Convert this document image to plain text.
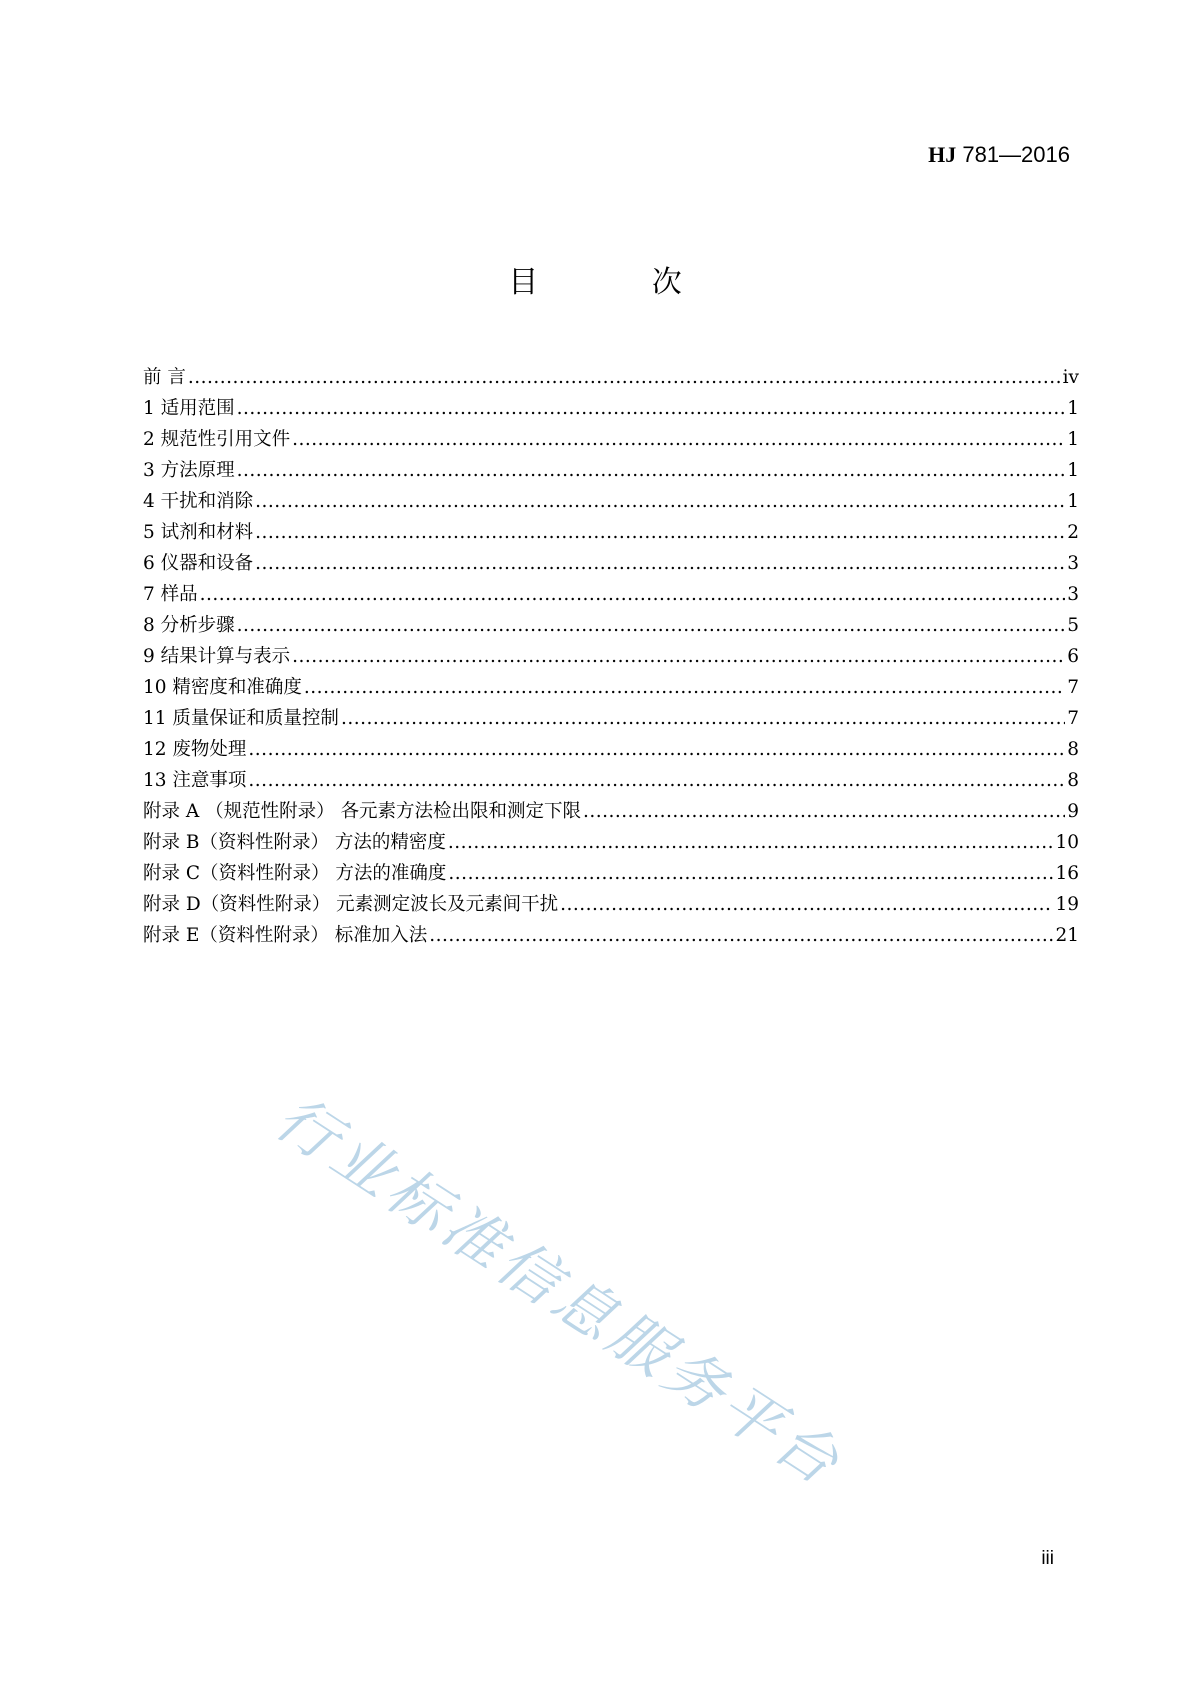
HJ 781—2016
目 次
前 言 .....	iv
1 适用范围 .....	1
2 规范性引用文件 .....	1
3 方法原理 .....	1
4 干扰和消除 .....	1
5 试剂和材料 .....	2
6 仪器和设备 .....	3
7 样品 .....	3
8 分析步骤 .....	5
9 结果计算与表示 .....	6
10 精密度和准确度 .....	7
11 质量保证和质量控制 .....	7
12 废物处理 .....	8
13 注意事项 .....	8
附录 A （规范性附录） 各元素方法检出限和测定下限 .....	9
附录 B（资料性附录） 方法的精密度 .....	10
附录 C（资料性附录） 方法的准确度 .....	16
附录 D（资料性附录） 元素测定波长及元素间干扰 .....	19
附录 E（资料性附录） 标准加入法 .....	21
行业标准信息服务平台
iii
